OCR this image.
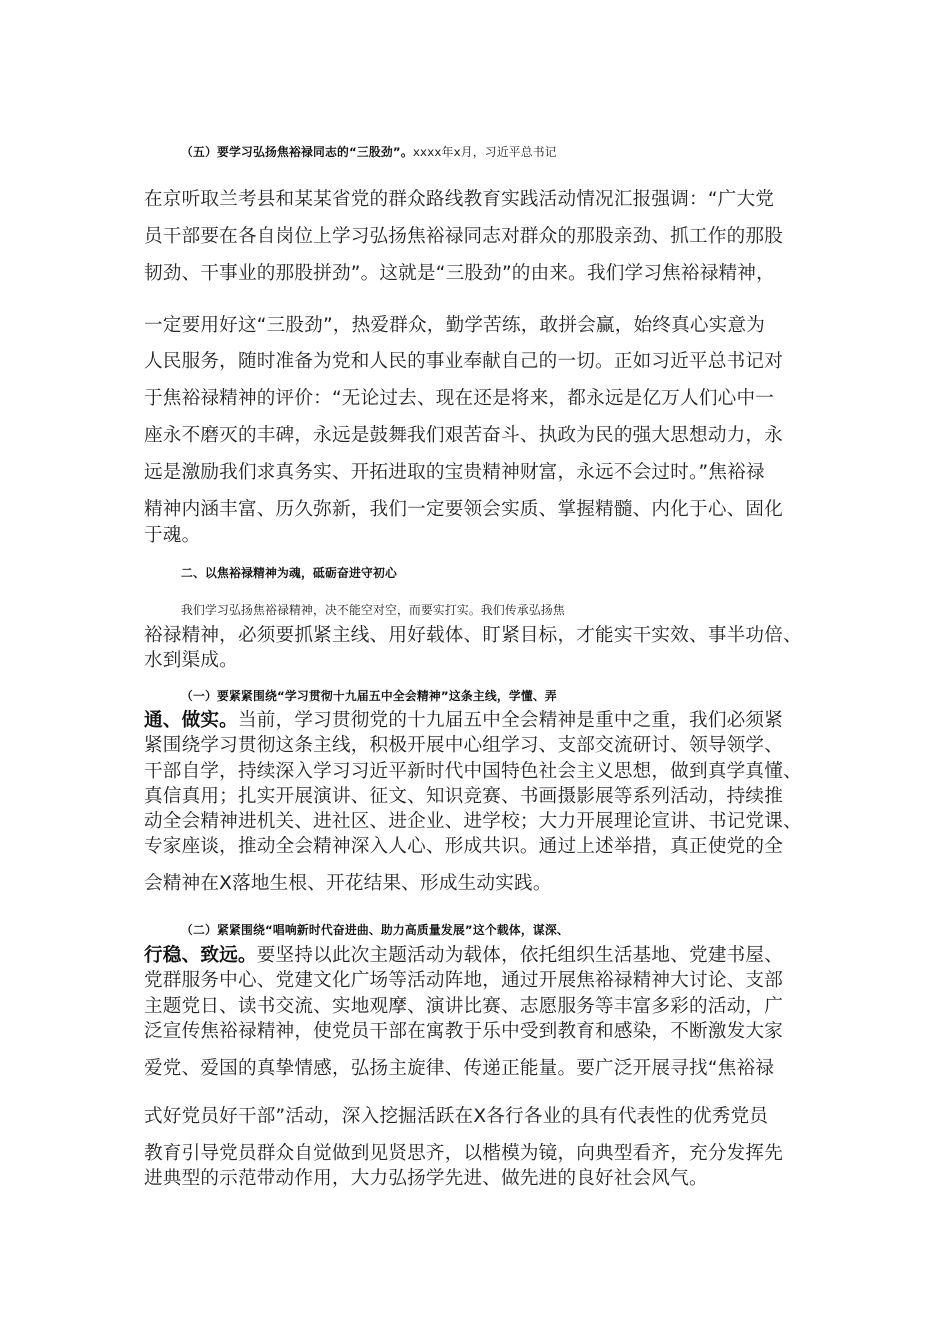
（五）要学习弘扬焦裕禄同志的“三股劲”。xxxx年x月，习近平总书记
在京听取兰考县和某某省党的群众路线教育实践活动情况汇报强调：“广大党
员干部要在各自岗位上学习弘扬焦裕禄同志对群众的那股亲劲、抓工作的那股
韧劲、干事业的那股拼劲”。这就是“三股劲”的由来。我们学习焦裕禄精神，
一定要用好这“三股劲”，热爱群众，勤学苦练，敢拼会赢，始终真心实意为
人民服务，随时准备为党和人民的事业奉献自己的一切。正如习近平总书记对
于焦裕禄精神的评价：“无论过去、现在还是将来，都永远是亿万人们心中一
座永不磨灭的丰碑，永远是鼓舞我们艰苦奋斗、执政为民的强大思想动力，永
远是激励我们求真务实、开拓进取的宝贵精神财富，永远不会过时。”焦裕禄
精神内涵丰富、历久弥新，我们一定要领会实质、掌握精髓、内化于心、固化
于魂。
二、以焦裕禄精神为魂，砥砺奋进守初心
我们学习弘扬焦裕禄精神，决不能空对空，而要实打实。我们传承弘扬焦
裕禄精神，必须要抓紧主线、用好载体、盯紧目标，才能实干实效、事半功倍、
水到渠成。
（一）要紧紧围绕“学习贯彻十九届五中全会精神”这条主线，学懂、弄
通、做实。当前，学习贯彻党的十九届五中全会精神是重中之重，我们必须紧
紧围绕学习贯彻这条主线，积极开展中心组学习、支部交流研讨、领导领学、
干部自学，持续深入学习习近平新时代中国特色社会主义思想，做到真学真懂、
真信真用；扎实开展演讲、征文、知识竞赛、书画摄影展等系列活动，持续推
动全会精神进机关、进社区、进企业、进学校；大力开展理论宣讲、书记党课、
专家座谈，推动全会精神深入人心、形成共识。通过上述举措，真正使党的全
会精神在X落地生根、开花结果、形成生动实践。
（二）紧紧围绕“唱响新时代奋进曲、助力高质量发展”这个载体，谋深、
行稳、致远。要坚持以此次主题活动为载体，依托组织生活基地、党建书屋、
党群服务中心、党建文化广场等活动阵地，通过开展焦裕禄精神大讨论、支部
主题党日、读书交流、实地观摩、演讲比赛、志愿服务等丰富多彩的活动，广
泛宣传焦裕禄精神，使党员干部在寓教于乐中受到教育和感染，不断激发大家
爱党、爱国的真挚情感，弘扬主旋律、传递正能量。要广泛开展寻找“焦裕禄
式好党员好干部”活动，深入挖掘活跃在X各行各业的具有代表性的优秀党员
教育引导党员群众自觉做到见贤思齐，以楷模为镜，向典型看齐，充分发挥先
进典型的示范带动作用，大力弘扬学先进、做先进的良好社会风气。
